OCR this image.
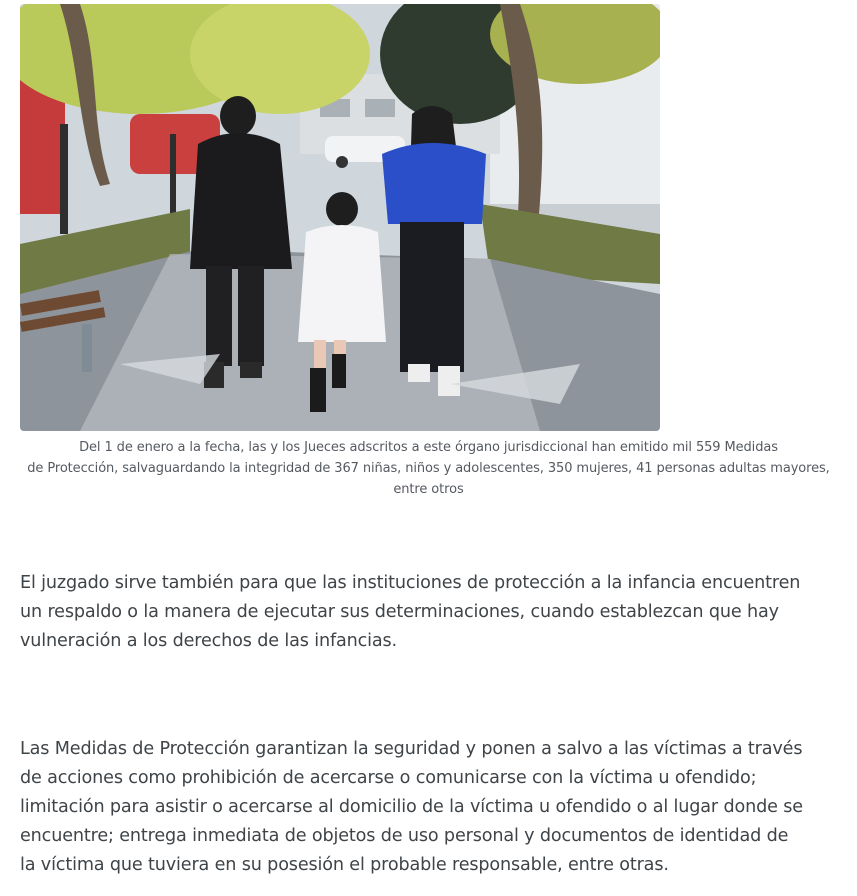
Del 1 de enero a la fecha, las y los Jueces adscritos a este órgano jurisdiccional han emitido mil 559 Medidas
de Protección, salvaguardando la integridad de 367 niñas, niños y adolescentes, 350 mujeres, 41 personas adultas mayores,
entre otros
El juzgado sirve también para que las instituciones de protección a la infancia encuentren
un respaldo o la manera de ejecutar sus determinaciones, cuando establezcan que hay
vulneración a los derechos de las infancias.
Las Medidas de Protección garantizan la seguridad y ponen a salvo a las víctimas a través
de acciones como prohibición de acercarse o comunicarse con la víctima u ofendido;
limitación para asistir o acercarse al domicilio de la víctima u ofendido o al lugar donde se
encuentre; entrega inmediata de objetos de uso personal y documentos de identidad de
la víctima que tuviera en su posesión el probable responsable, entre otras.
